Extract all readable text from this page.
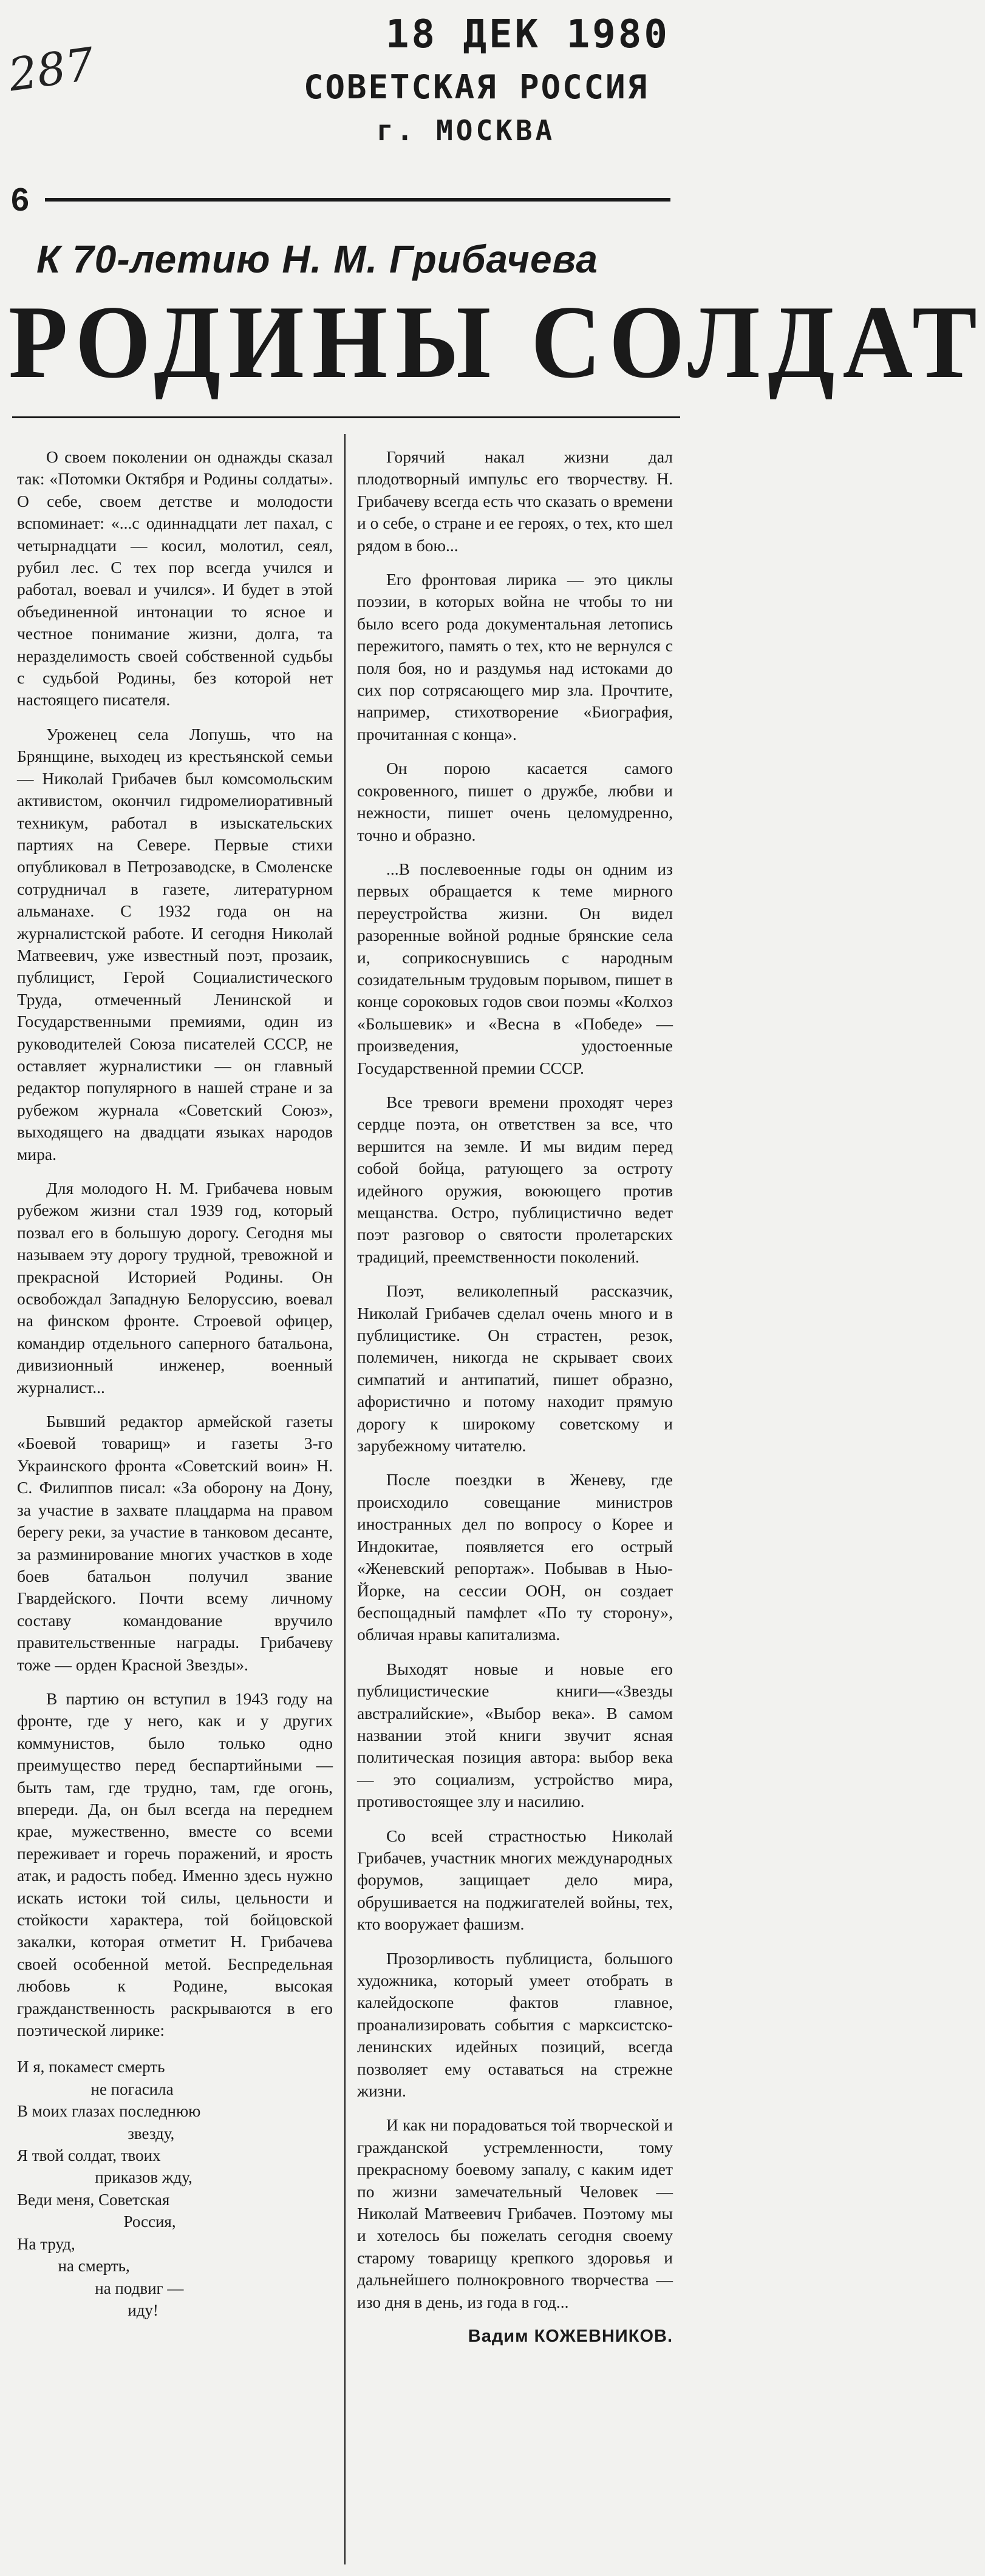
287
18 ДЕК 1980
СОВЕТСКАЯ РОССИЯ
г. МОСКВА
6
К 70-летию Н. М. Грибачева
РОДИНЫ СОЛДАТ

О своем поколении он однажды сказал так: «Потомки Октября и Родины солдаты». О себе, своем детстве и молодости вспоминает: «...с одиннадцати лет пахал, с четырнадцати — косил, молотил, сеял, рубил лес. С тех пор всегда учился и работал, воевал и учился». И будет в этой объединенной интонации то ясное и честное понимание жизни, долга, та неразделимость своей собственной судьбы с судьбой Родины, без которой нет настоящего писателя.

Уроженец села Лопушь, что на Брянщине, выходец из крестьянской семьи — Николай Грибачев был комсомольским активистом, окончил гидромелиоративный техникум, работал в изыскательских партиях на Севере. Первые стихи опубликовал в Петрозаводске, в Смоленске сотрудничал в газете, литературном альманахе. С 1932 года он на журналистской работе. И сегодня Николай Матвеевич, уже известный поэт, прозаик, публицист, Герой Социалистического Труда, отмеченный Ленинской и Государственными премиями, один из руководителей Союза писателей СССР, не оставляет журналистики — он главный редактор популярного в нашей стране и за рубежом журнала «Советский Союз», выходящего на двадцати языках народов мира.

Для молодого Н. М. Грибачева новым рубежом жизни стал 1939 год, который позвал его в большую дорогу. Сегодня мы называем эту дорогу трудной, тревожной и прекрасной Историей Родины. Он освобождал Западную Белоруссию, воевал на финском фронте. Строевой офицер, командир отдельного саперного батальона, дивизионный инженер, военный журналист...

Бывший редактор армейской газеты «Боевой товарищ» и газеты 3-го Украинского фронта «Советский воин» Н. С. Филиппов писал: «За оборону на Дону, за участие в захвате плацдарма на правом берегу реки, за участие в танковом десанте, за разминирование многих участков в ходе боев батальон получил звание Гвардейского. Почти всему личному составу командование вручило правительственные награды. Грибачеву тоже — орден Красной Звезды».

В партию он вступил в 1943 году на фронте, где у него, как и у других коммунистов, было только одно преимущество перед беспартийными — быть там, где трудно, там, где огонь, впереди. Да, он был всегда на переднем крае, мужественно, вместе со всеми переживает и горечь поражений, и ярость атак, и радость побед. Именно здесь нужно искать истоки той силы, цельности и стойкости характера, той бойцовской закалки, которая отметит Н. Грибачева своей особенной метой. Беспредельная любовь к Родине, высокая гражданственность раскрываются в его поэтической лирике:

И я, покамест смерть
не погасила
В моих глазах последнюю
звезду,
Я твой солдат, твоих
приказов жду,
Веди меня, Советская
Россия,
На труд,
на смерть,
на подвиг —
иду!

Горячий накал жизни дал плодотворный импульс его творчеству. Н. Грибачеву всегда есть что сказать о времени и о себе, о стране и ее героях, о тех, кто шел рядом в бою...

Его фронтовая лирика — это циклы поэзии, в которых война не чтобы то ни было всего рода документальная летопись пережитого, память о тех, кто не вернулся с поля боя, но и раздумья над истоками до сих пор сотрясающего мир зла. Прочтите, например, стихотворение «Биография, прочитанная с конца».

Он порою касается самого сокровенного, пишет о дружбе, любви и нежности, пишет очень целомудренно, точно и образно.

...В послевоенные годы он одним из первых обращается к теме мирного переустройства жизни. Он видел разоренные войной родные брянские села и, соприкоснувшись с народным созидательным трудовым порывом, пишет в конце сороковых годов свои поэмы «Колхоз «Большевик» и «Весна в «Победе» — произведения, удостоенные Государственной премии СССР.

Все тревоги времени проходят через сердце поэта, он ответствен за все, что вершится на земле. И мы видим перед собой бойца, ратующего за остроту идейного оружия, воюющего против мещанства. Остро, публицистично ведет поэт разговор о святости пролетарских традиций, преемственности поколений.

Поэт, великолепный рассказчик, Николай Грибачев сделал очень много и в публицистике. Он страстен, резок, полемичен, никогда не скрывает своих симпатий и антипатий, пишет образно, афористично и потому находит прямую дорогу к широкому советскому и зарубежному читателю.

После поездки в Женеву, где происходило совещание министров иностранных дел по вопросу о Корее и Индокитае, появляется его острый «Женевский репортаж». Побывав в Нью-Йорке, на сессии ООН, он создает беспощадный памфлет «По ту сторону», обличая нравы капитализма.

Выходят новые и новые его публицистические книги—«Звезды австралийские», «Выбор века». В самом названии этой книги звучит ясная политическая позиция автора: выбор века — это социализм, устройство мира, противостоящее злу и насилию.

Со всей страстностью Николай Грибачев, участник многих международных форумов, защищает дело мира, обрушивается на поджигателей войны, тех, кто вооружает фашизм.

Прозорливость публициста, большого художника, который умеет отобрать в калейдоскопе фактов главное, проанализировать события с марксистско-ленинских идейных позиций, всегда позволяет ему оставаться на стрежне жизни.

И как ни порадоваться той творческой и гражданской устремленности, тому прекрасному боевому запалу, с каким идет по жизни замечательный Человек — Николай Матвеевич Грибачев. Поэтому мы и хотелось бы пожелать сегодня своему старому товарищу крепкого здоровья и дальнейшего полнокровного творчества — изо дня в день, из года в год...

Вадим КОЖЕВНИКОВ.
